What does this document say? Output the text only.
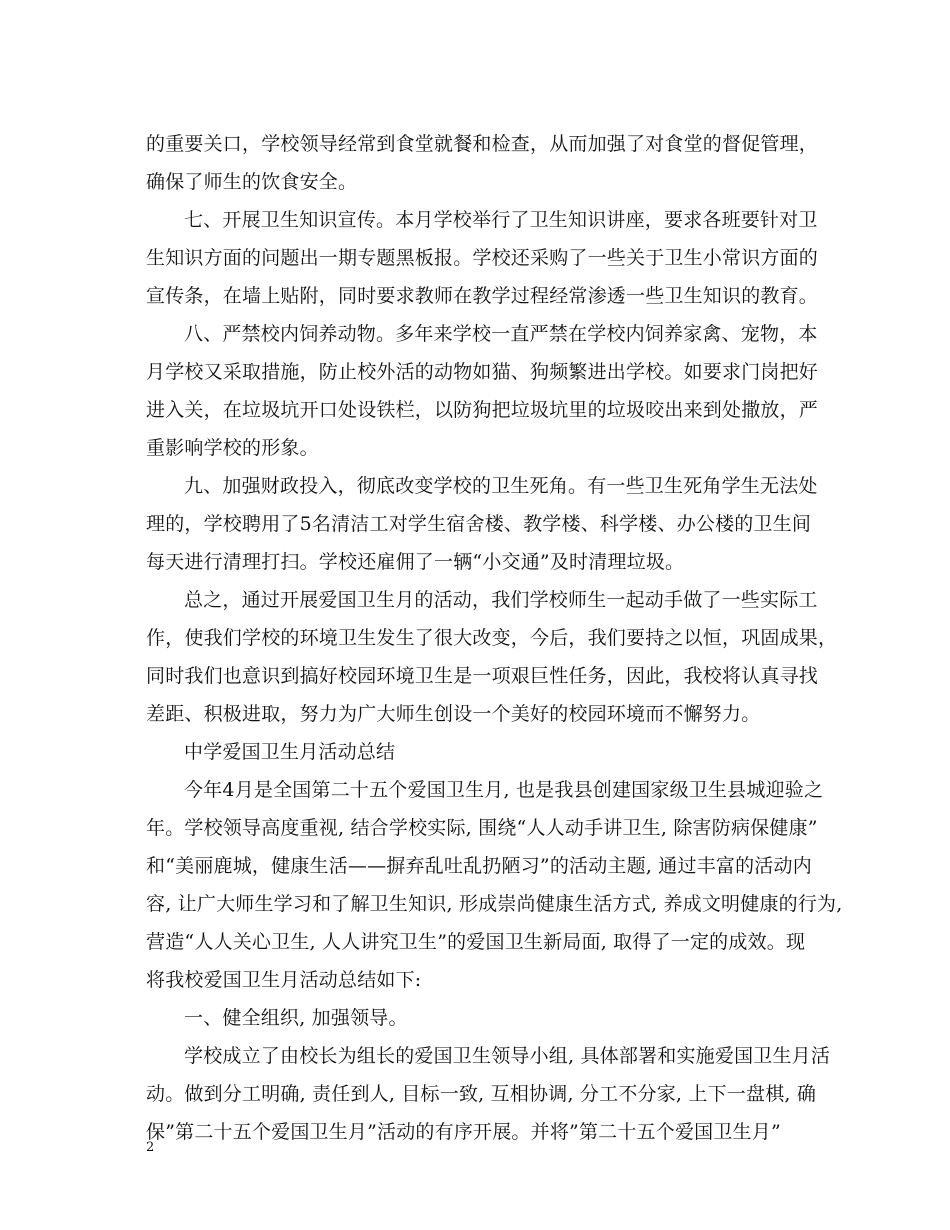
的重要关口，学校领导经常到食堂就餐和检查，从而加强了对食堂的督促管理，
确保了师生的饮食安全。
七、开展卫生知识宣传。本月学校举行了卫生知识讲座，要求各班要针对卫
生知识方面的问题出一期专题黑板报。学校还采购了一些关于卫生小常识方面的
宣传条，在墙上贴附，同时要求教师在教学过程经常渗透一些卫生知识的教育。
八、严禁校内饲养动物。多年来学校一直严禁在学校内饲养家禽、宠物，本
月学校又采取措施，防止校外活的动物如猫、狗频繁进出学校。如要求门岗把好
进入关，在垃圾坑开口处设铁栏，以防狗把垃圾坑里的垃圾咬出来到处撒放，严
重影响学校的形象。
九、加强财政投入，彻底改变学校的卫生死角。有一些卫生死角学生无法处
理的，学校聘用了5名清洁工对学生宿舍楼、教学楼、科学楼、办公楼的卫生间
每天进行清理打扫。学校还雇佣了一辆“小交通”及时清理垃圾。
总之，通过开展爱国卫生月的活动，我们学校师生一起动手做了一些实际工
作，使我们学校的环境卫生发生了很大改变，今后，我们要持之以恒，巩固成果，
同时我们也意识到搞好校园环境卫生是一项艰巨性任务，因此，我校将认真寻找
差距、积极进取，努力为广大师生创设一个美好的校园环境而不懈努力。
中学爱国卫生月活动总结
今年4月是全国第二十五个爱国卫生月, 也是我县创建国家级卫生县城迎验之
年。学校领导高度重视, 结合学校实际, 围绕“人人动手讲卫生, 除害防病保健康”
和“美丽鹿城，健康生活——摒弃乱吐乱扔陋习”的活动主题, 通过丰富的活动内
容, 让广大师生学习和了解卫生知识, 形成崇尚健康生活方式, 养成文明健康的行为,
营造“人人关心卫生, 人人讲究卫生”的爱国卫生新局面, 取得了一定的成效。现
将我校爱国卫生月活动总结如下:
一、健全组织, 加强领导。
学校成立了由校长为组长的爱国卫生领导小组, 具体部署和实施爱国卫生月活
动。做到分工明确, 责任到人, 目标一致, 互相协调, 分工不分家, 上下一盘棋, 确
保”第二十五个爱国卫生月”活动的有序开展。并将”第二十五个爱国卫生月”
2
